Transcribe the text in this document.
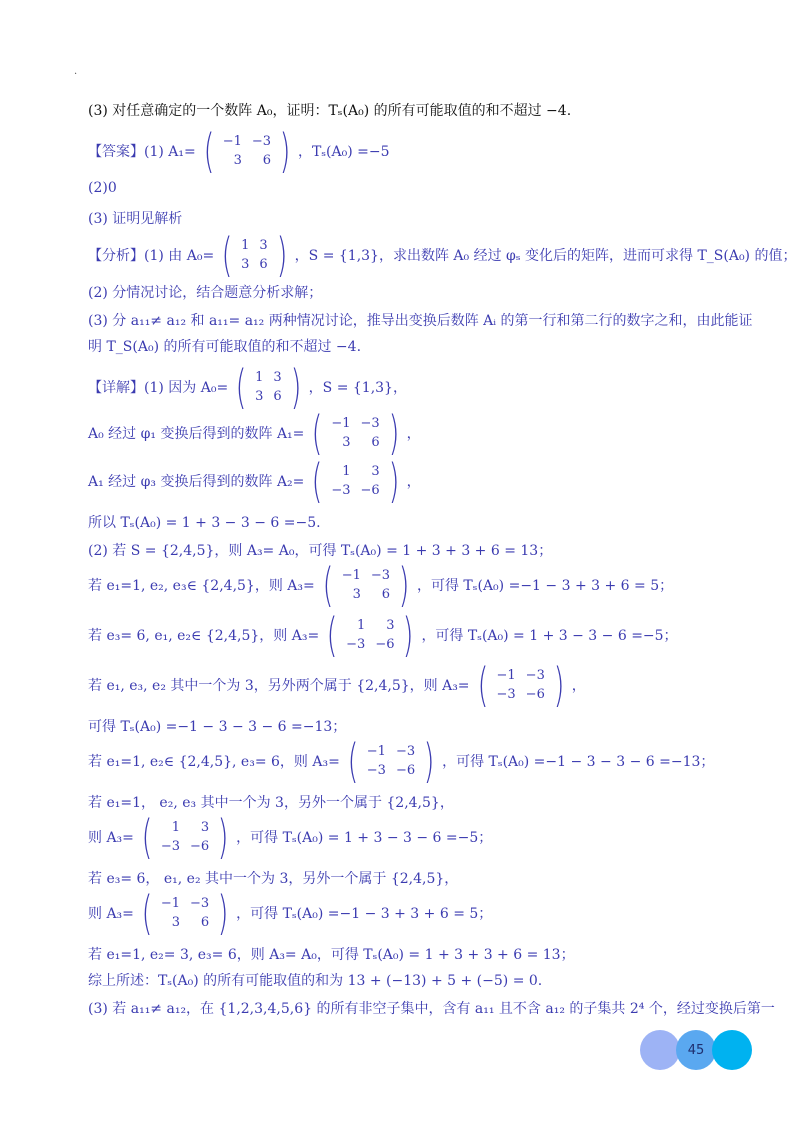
.
(3) 对任意确定的一个数阵 A₀，证明：Tₛ(A₀) 的所有可能取值的和不超过 −4.
【答案】(1) A₁= ( −1	−3
3	6 ) ，Tₛ(A₀) =−5
(2)0
(3) 证明见解析
【分析】(1) 由 A₀= ( 1	3
3	6 ) ，S = {1,3}，求出数阵 A₀ 经过 φₛ 变化后的矩阵，进而可求得 T_S(A₀) 的值；
(2) 分情况讨论，结合题意分析求解；
(3) 分 a₁₁≠ a₁₂ 和 a₁₁= a₁₂ 两种情况讨论，推导出变换后数阵 Aᵢ 的第一行和第二行的数字之和，由此能证
明 T_S(A₀) 的所有可能取值的和不超过 −4.
【详解】(1) 因为 A₀= ( 1	3
3	6 ) ，S = {1,3}，
A₀ 经过 φ₁ 变换后得到的数阵 A₁= ( −1	−3
3	6 ) ，
A₁ 经过 φ₃ 变换后得到的数阵 A₂= ( 1	3
−3	−6 ) ，
所以 Tₛ(A₀) = 1 + 3 − 3 − 6 =−5.
(2) 若 S = {2,4,5}，则 A₃= A₀，可得 Tₛ(A₀) = 1 + 3 + 3 + 6 = 13；
若 e₁=1, e₂, e₃∈ {2,4,5}，则 A₃= ( −1	−3
3	6 ) ，可得 Tₛ(A₀) =−1 − 3 + 3 + 6 = 5；
若 e₃= 6, e₁, e₂∈ {2,4,5}，则 A₃= ( 1	3
−3	−6 ) ，可得 Tₛ(A₀) = 1 + 3 − 3 − 6 =−5；
若 e₁, e₃, e₂ 其中一个为 3，另外两个属于 {2,4,5}，则 A₃= ( −1	−3
−3	−6 ) ，
可得 Tₛ(A₀) =−1 − 3 − 3 − 6 =−13；
若 e₁=1, e₂∈ {2,4,5}, e₃= 6，则 A₃= ( −1	−3
−3	−6 ) ，可得 Tₛ(A₀) =−1 − 3 − 3 − 6 =−13；
若 e₁=1， e₂, e₃ 其中一个为 3，另外一个属于 {2,4,5}，
则 A₃= ( 1	3
−3	−6 ) ，可得 Tₛ(A₀) = 1 + 3 − 3 − 6 =−5；
若 e₃= 6， e₁, e₂ 其中一个为 3，另外一个属于 {2,4,5}，
则 A₃= ( −1	−3
3	6 ) ，可得 Tₛ(A₀) =−1 − 3 + 3 + 6 = 5；
若 e₁=1, e₂= 3, e₃= 6，则 A₃= A₀，可得 Tₛ(A₀) = 1 + 3 + 3 + 6 = 13；
综上所述：Tₛ(A₀) 的所有可能取值的和为 13 + (−13) + 5 + (−5) = 0.
(3) 若 a₁₁≠ a₁₂，在 {1,2,3,4,5,6} 的所有非空子集中，含有 a₁₁ 且不含 a₁₂ 的子集共 2⁴ 个，经过变换后第一
45
